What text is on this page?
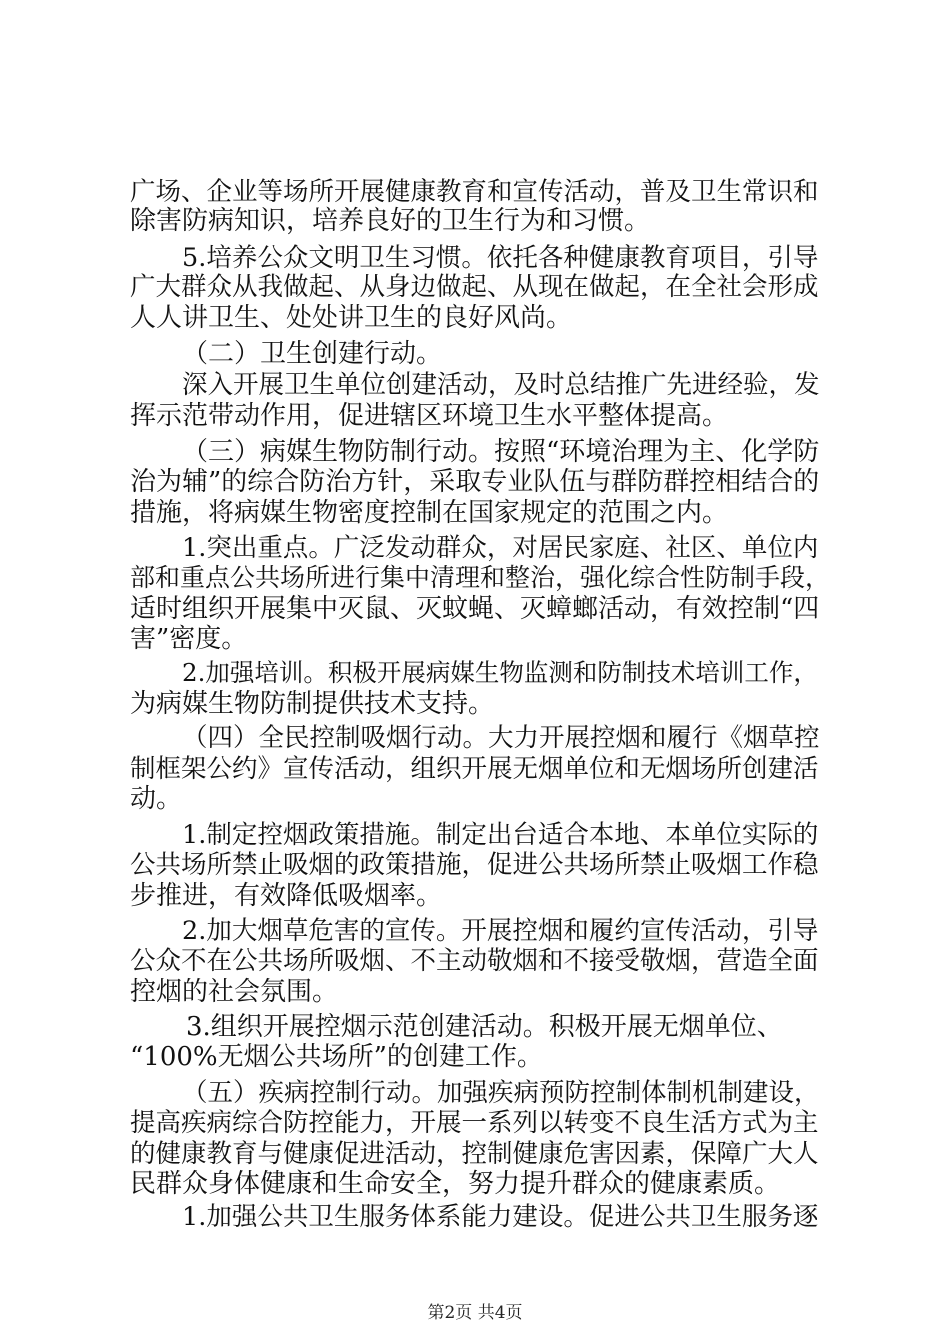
广场、企业等场所开展健康教育和宣传活动，普及卫生常识和
除害防病知识，培养良好的卫生行为和习惯。
5.培养公众文明卫生习惯。依托各种健康教育项目，引导
广大群众从我做起、从身边做起、从现在做起，在全社会形成
人人讲卫生、处处讲卫生的良好风尚。
（二）卫生创建行动。
深入开展卫生单位创建活动，及时总结推广先进经验，发
挥示范带动作用，促进辖区环境卫生水平整体提高。
（三）病媒生物防制行动。按照“环境治理为主、化学防
治为辅”的综合防治方针，采取专业队伍与群防群控相结合的
措施，将病媒生物密度控制在国家规定的范围之内。
1.突出重点。广泛发动群众，对居民家庭、社区、单位内
部和重点公共场所进行集中清理和整治，强化综合性防制手段，
适时组织开展集中灭鼠、灭蚊蝇、灭蟑螂活动，有效控制“四
害”密度。
2.加强培训。积极开展病媒生物监测和防制技术培训工作，
为病媒生物防制提供技术支持。
（四）全民控制吸烟行动。大力开展控烟和履行《烟草控
制框架公约》宣传活动，组织开展无烟单位和无烟场所创建活
动。
1.制定控烟政策措施。制定出台适合本地、本单位实际的
公共场所禁止吸烟的政策措施，促进公共场所禁止吸烟工作稳
步推进，有效降低吸烟率。
2.加大烟草危害的宣传。开展控烟和履约宣传活动，引导
公众不在公共场所吸烟、不主动敬烟和不接受敬烟，营造全面
控烟的社会氛围。
3.组织开展控烟示范创建活动。积极开展无烟单位、
“100%无烟公共场所”的创建工作。
（五）疾病控制行动。加强疾病预防控制体制机制建设，
提高疾病综合防控能力，开展一系列以转变不良生活方式为主
的健康教育与健康促进活动，控制健康危害因素，保障广大人
民群众身体健康和生命安全，努力提升群众的健康素质。
1.加强公共卫生服务体系能力建设。促进公共卫生服务逐
第2页 共4页
